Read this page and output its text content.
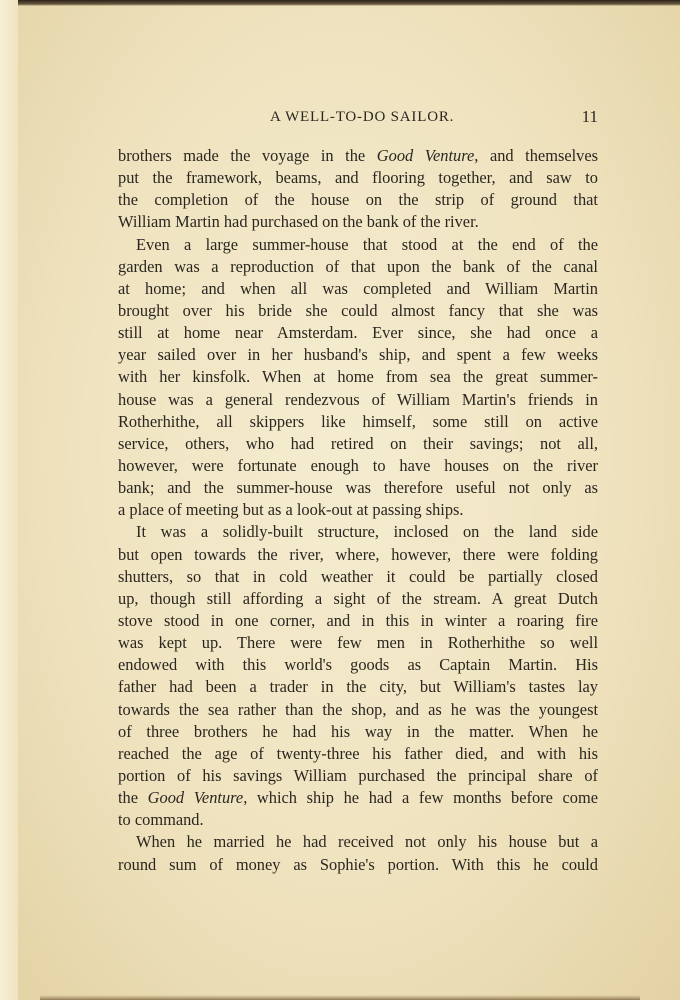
A WELL-TO-DO SAILOR.	11
brothers made the voyage in the Good Venture, and themselves
put the framework, beams, and flooring together, and saw to
the completion of the house on the strip of ground that
William Martin had purchased on the bank of the river.
Even a large summer-house that stood at the end of the
garden was a reproduction of that upon the bank of the canal
at home; and when all was completed and William Martin
brought over his bride she could almost fancy that she was
still at home near Amsterdam. Ever since, she had once a
year sailed over in her husband's ship, and spent a few weeks
with her kinsfolk. When at home from sea the great summer-
house was a general rendezvous of William Martin's friends in
Rotherhithe, all skippers like himself, some still on active
service, others, who had retired on their savings; not all,
however, were fortunate enough to have houses on the river
bank; and the summer-house was therefore useful not only as
a place of meeting but as a look-out at passing ships.
It was a solidly-built structure, inclosed on the land side
but open towards the river, where, however, there were folding
shutters, so that in cold weather it could be partially closed
up, though still affording a sight of the stream. A great Dutch
stove stood in one corner, and in this in winter a roaring fire
was kept up. There were few men in Rotherhithe so well
endowed with this world's goods as Captain Martin. His
father had been a trader in the city, but William's tastes lay
towards the sea rather than the shop, and as he was the youngest
of three brothers he had his way in the matter. When he
reached the age of twenty-three his father died, and with his
portion of his savings William purchased the principal share of
the Good Venture, which ship he had a few months before come
to command.
When he married he had received not only his house but a
round sum of money as Sophie's portion. With this he could
